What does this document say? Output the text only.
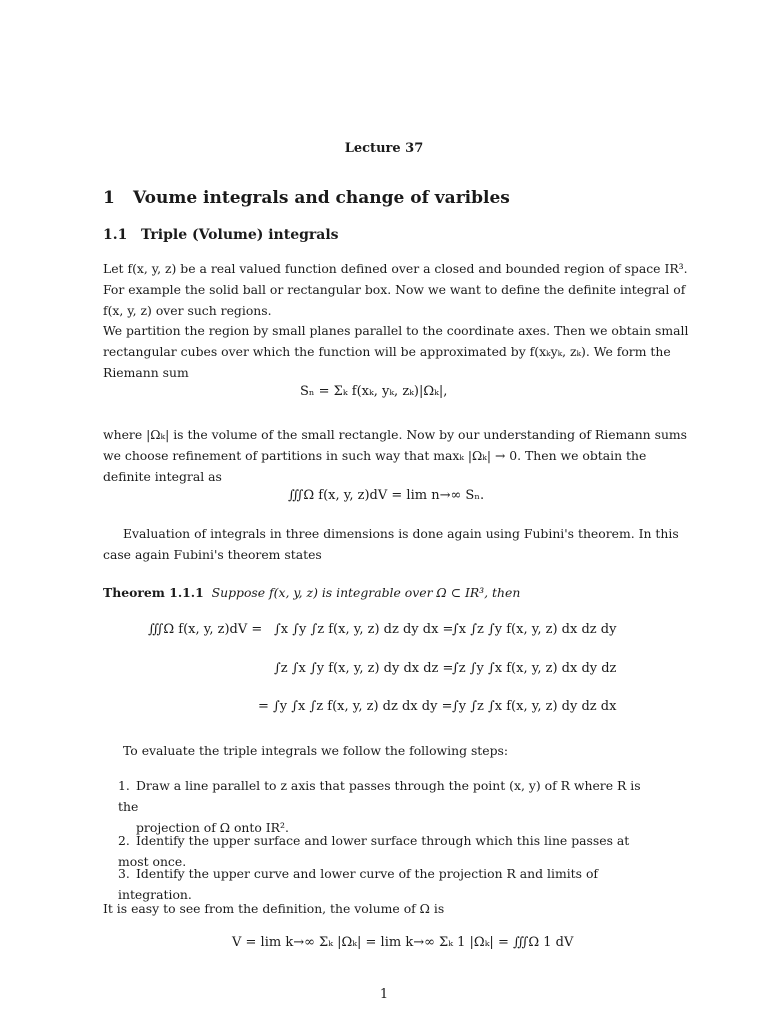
Lecture 37
1 Voume integrals and change of varibles
1.1 Triple (Volume) integrals
Let f(x, y, z) be a real valued function defined over a closed and bounded region of space IR³.
For example the solid ball or rectangular box. Now we want to define the definite integral of
f(x, y, z) over such regions.
We partition the region by small planes parallel to the coordinate axes. Then we obtain small
rectangular cubes over which the function will be approximated by f(xₖyₖ, zₖ). We form the
Riemann sum
Sₙ = Σₖ f(xₖ, yₖ, zₖ)|Ωₖ|,
where |Ωₖ| is the volume of the small rectangle. Now by our understanding of Riemann sums
we choose refinement of partitions in such way that maxₖ |Ωₖ| → 0. Then we obtain the
definite integral as
∭Ω f(x, y, z)dV = lim n→∞ Sₙ.
Evaluation of integrals in three dimensions is done again using Fubini's theorem. In this
case again Fubini's theorem states
Theorem 1.1.1 Suppose f(x, y, z) is integrable over Ω ⊂ IR³, then
∭Ω f(x, y, z)dV = ∫x ∫y ∫z f(x, y, z) dz dy dx =
∫x ∫z ∫y f(x, y, z) dx dz dy
∫z ∫x ∫y f(x, y, z) dy dx dz =
∫z ∫y ∫x f(x, y, z) dx dy dz
= ∫y ∫x ∫z f(x, y, z) dz dx dy = ∫y ∫z ∫x f(x, y, z) dy dz dx
To evaluate the triple integrals we follow the following steps:
1. Draw a line parallel to z axis that passes through the point (x, y) of R where R is the
projection of Ω onto IR².
2. Identify the upper surface and lower surface through which this line passes at most once.
3. Identify the upper curve and lower curve of the projection R and limits of integration.
It is easy to see from the definition, the volume of Ω is
V = lim k→∞ Σₖ |Ωₖ| = lim k→∞ Σₖ 1 |Ωₖ| = ∭Ω 1 dV
1
